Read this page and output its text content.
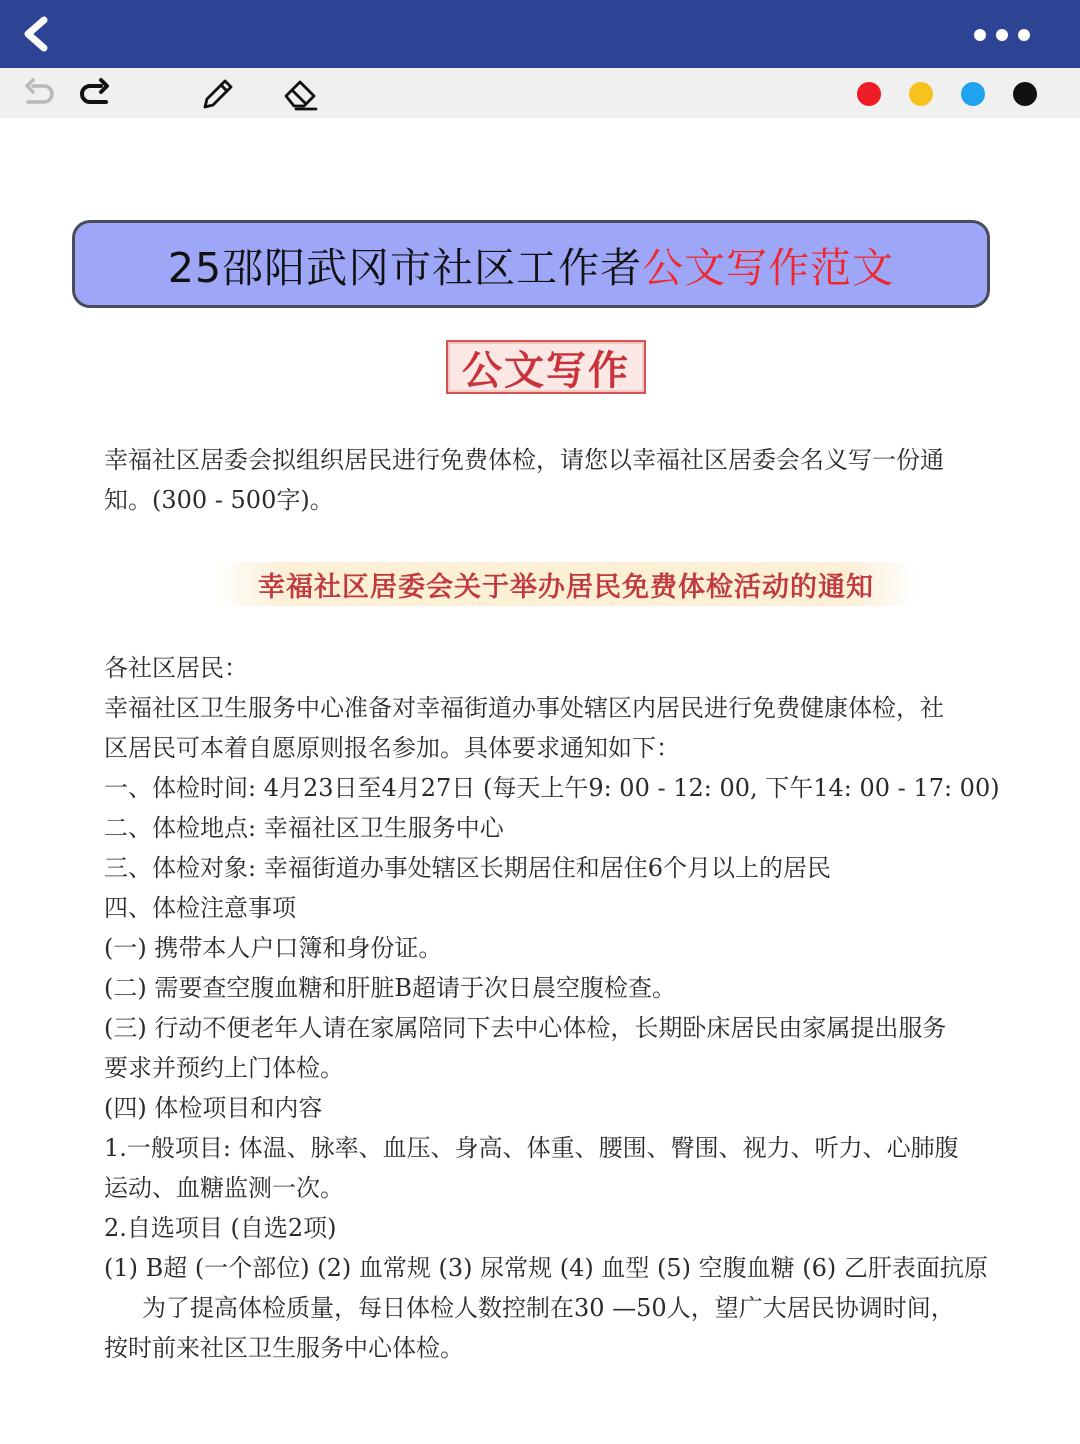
25邵阳武冈市社区工作者公文写作范文
公文写作
幸福社区居委会拟组织居民进行免费体检，请您以幸福社区居委会名义写一份通
知。(300 - 500字)。
幸福社区居委会关于举办居民免费体检活动的通知
各社区居民：
幸福社区卫生服务中心准备对幸福街道办事处辖区内居民进行免费健康体检，社
区居民可本着自愿原则报名参加。具体要求通知如下：
一、体检时间: 4月23日至4月27日 (每天上午9: 00 - 12: 00, 下午14: 00 - 17: 00)
二、体检地点: 幸福社区卫生服务中心
三、体检对象: 幸福街道办事处辖区长期居住和居住6个月以上的居民
四、体检注意事项
(一) 携带本人户口簿和身份证。
(二) 需要查空腹血糖和肝脏B超请于次日晨空腹检查。
(三) 行动不便老年人请在家属陪同下去中心体检，长期卧床居民由家属提出服务
要求并预约上门体检。
(四) 体检项目和内容
1.一般项目: 体温、脉率、血压、身高、体重、腰围、臀围、视力、听力、心肺腹
运动、血糖监测一次。
2.自选项目 (自选2项)
(1) B超 (一个部位) (2) 血常规 (3) 尿常规 (4) 血型 (5) 空腹血糖 (6) 乙肝表面抗原
为了提高体检质量，每日体检人数控制在30 —50人，望广大居民协调时间，
按时前来社区卫生服务中心体检。
